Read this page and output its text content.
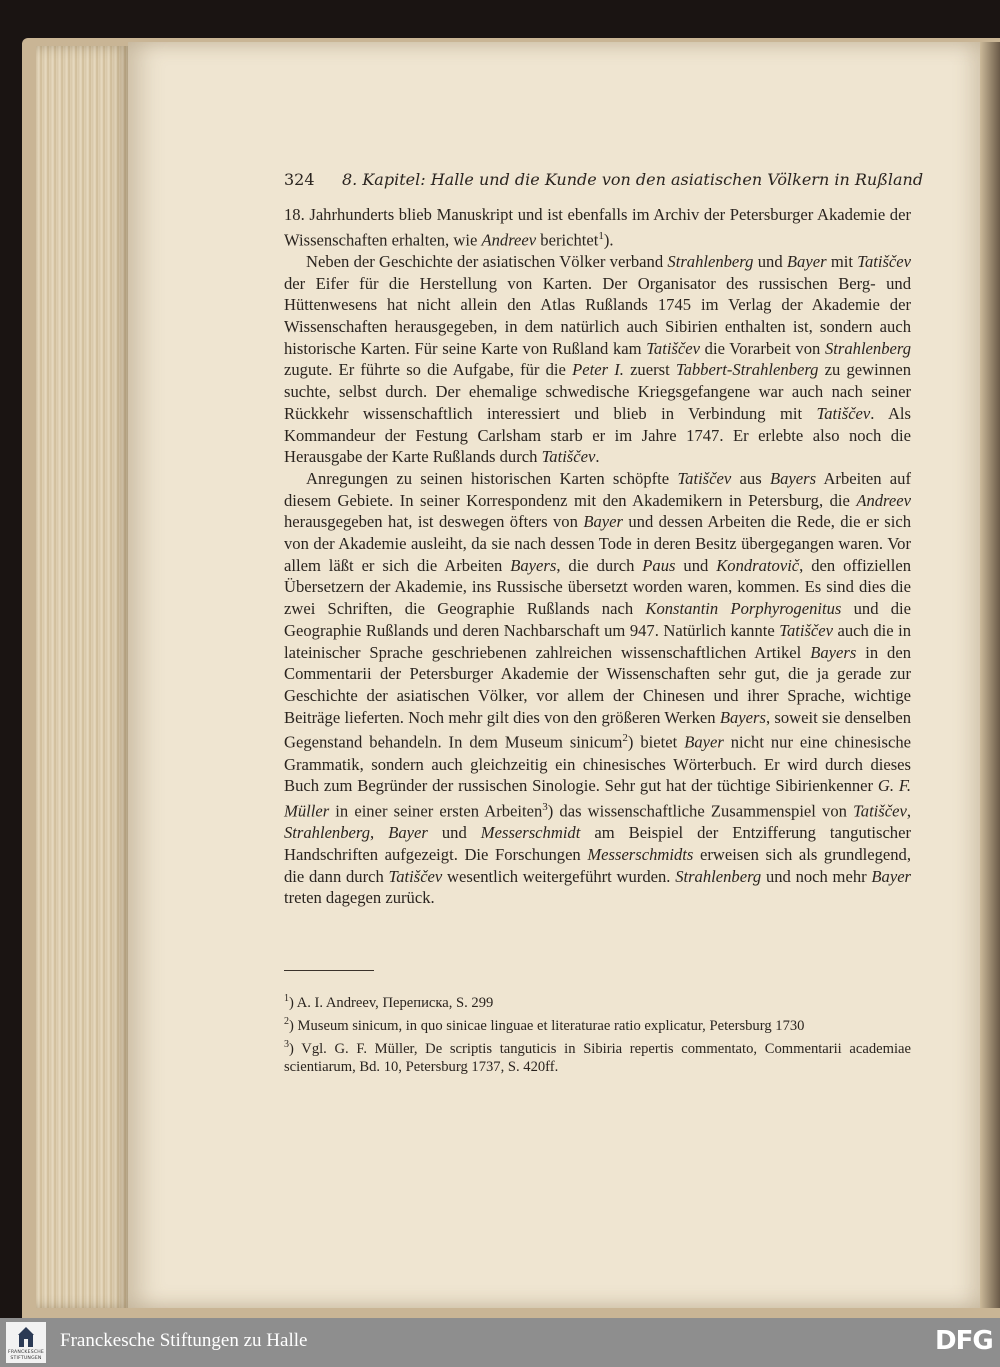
324 8. Kapitel: Halle und die Kunde von den asiatischen Völkern in Rußland

18. Jahrhunderts blieb Manuskript und ist ebenfalls im Archiv der Petersburger Akademie der Wissenschaften erhalten, wie Andreev berichtet$^1$).

Neben der Geschichte der asiatischen Völker verband Strahlenberg und Bayer mit Tatiščev der Eifer für die Herstellung von Karten. Der Organisator des russischen Berg- und Hüttenwesens hat nicht allein den Atlas Rußlands 1745 im Verlag der Akademie der Wissenschaften herausgegeben, in dem natürlich auch Sibirien enthalten ist, sondern auch historische Karten. Für seine Karte von Rußland kam Tatiščev die Vorarbeit von Strahlenberg zugute. Er führte so die Aufgabe, für die Peter I. zuerst Tabbert-Strahlenberg zu gewinnen suchte, selbst durch. Der ehemalige schwedische Kriegsgefangene war auch nach seiner Rückkehr wissenschaftlich interessiert und blieb in Verbindung mit Tatiščev. Als Kommandeur der Festung Carlsham starb er im Jahre 1747. Er erlebte also noch die Herausgabe der Karte Rußlands durch Tatiščev.

Anregungen zu seinen historischen Karten schöpfte Tatiščev aus Bayers Arbeiten auf diesem Gebiete. In seiner Korrespondenz mit den Akademikern in Petersburg, die Andreev herausgegeben hat, ist deswegen öfters von Bayer und dessen Arbeiten die Rede, die er sich von der Akademie ausleiht, da sie nach dessen Tode in deren Besitz übergegangen waren. Vor allem läßt er sich die Arbeiten Bayers, die durch Paus und Kondratovič, den offiziellen Übersetzern der Akademie, ins Russische übersetzt worden waren, kommen. Es sind dies die zwei Schriften, die Geographie Rußlands nach Konstantin Porphyrogenitus und die Geographie Rußlands und deren Nachbarschaft um 947. Natürlich kannte Tatiščev auch die in lateinischer Sprache geschriebenen zahlreichen wissenschaftlichen Artikel Bayers in den Commentarii der Petersburger Akademie der Wissenschaften sehr gut, die ja gerade zur Geschichte der asiatischen Völker, vor allem der Chinesen und ihrer Sprache, wichtige Beiträge lieferten. Noch mehr gilt dies von den größeren Werken Bayers, soweit sie denselben Gegenstand behandeln. In dem Museum sinicum$^2$) bietet Bayer nicht nur eine chinesische Grammatik, sondern auch gleichzeitig ein chinesisches Wörterbuch. Er wird durch dieses Buch zum Begründer der russischen Sinologie. Sehr gut hat der tüchtige Sibirienkenner G. F. Müller in einer seiner ersten Arbeiten$^3$) das wissenschaftliche Zusammenspiel von Tatiščev, Strahlenberg, Bayer und Messerschmidt am Beispiel der Entzifferung tangutischer Handschriften aufgezeigt. Die Forschungen Messerschmidts erweisen sich als grundlegend, die dann durch Tatiščev wesentlich weitergeführt wurden. Strahlenberg und noch mehr Bayer treten dagegen zurück.

$^1$) A. I. Andreev, Переписка, S. 299

$^2$) Museum sinicum, in quo sinicae linguae et literaturae ratio explicatur, Petersburg 1730

$^3$) Vgl. G. F. Müller, De scriptis tanguticis in Sibiria repertis commentato, Commentarii academiae scientiarum, Bd. 10, Petersburg 1737, S. 420ff.

FRANCKESCHE
STIFTUNGEN
Franckesche Stiftungen zu Halle	DFG
